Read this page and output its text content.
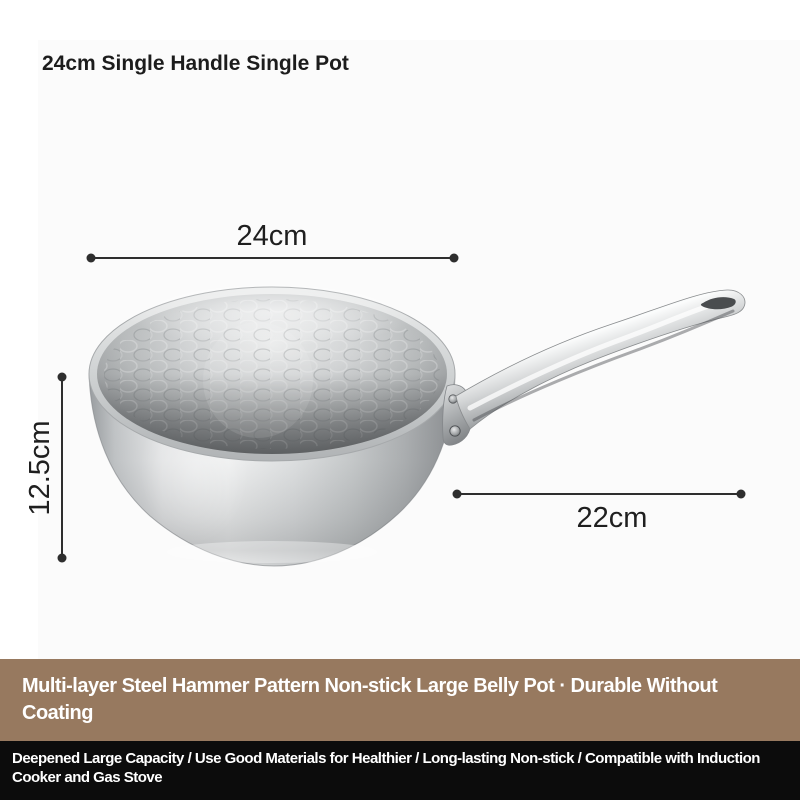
24cm Single Handle Single Pot
24cm
12.5cm
22cm
Multi-layer Steel Hammer Pattern Non-stick Large Belly Pot · Durable Without Coating
Deepened Large Capacity / Use Good Materials for Healthier / Long-lasting Non-stick / Compatible with Induction Cooker and Gas Stove
